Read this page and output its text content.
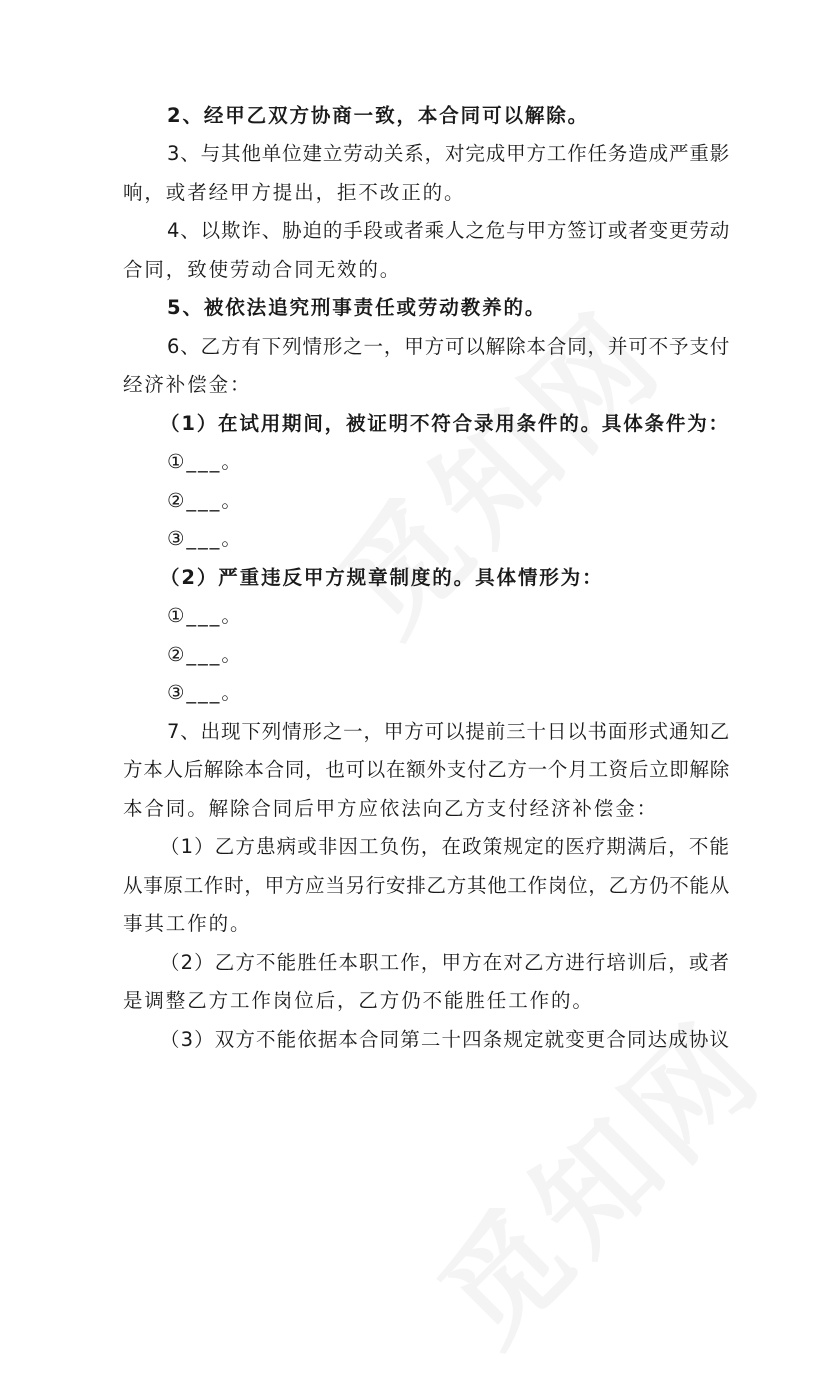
2、经甲乙双方协商一致，本合同可以解除。
3、与其他单位建立劳动关系，对完成甲方工作任务造成严重影
响，或者经甲方提出，拒不改正的。
4、以欺诈、胁迫的手段或者乘人之危与甲方签订或者变更劳动
合同，致使劳动合同无效的。
5、被依法追究刑事责任或劳动教养的。
6、乙方有下列情形之一，甲方可以解除本合同，并可不予支付
经济补偿金：
（1）在试用期间，被证明不符合录用条件的。具体条件为：
①___。
②___。
③___。
（2）严重违反甲方规章制度的。具体情形为：
①___。
②___。
③___。
7、出现下列情形之一，甲方可以提前三十日以书面形式通知乙
方本人后解除本合同，也可以在额外支付乙方一个月工资后立即解除
本合同。解除合同后甲方应依法向乙方支付经济补偿金：
（1）乙方患病或非因工负伤，在政策规定的医疗期满后，不能
从事原工作时，甲方应当另行安排乙方其他工作岗位，乙方仍不能从
事其工作的。
（2）乙方不能胜任本职工作，甲方在对乙方进行培训后，或者
是调整乙方工作岗位后，乙方仍不能胜任工作的。
（3）双方不能依据本合同第二十四条规定就变更合同达成协议
